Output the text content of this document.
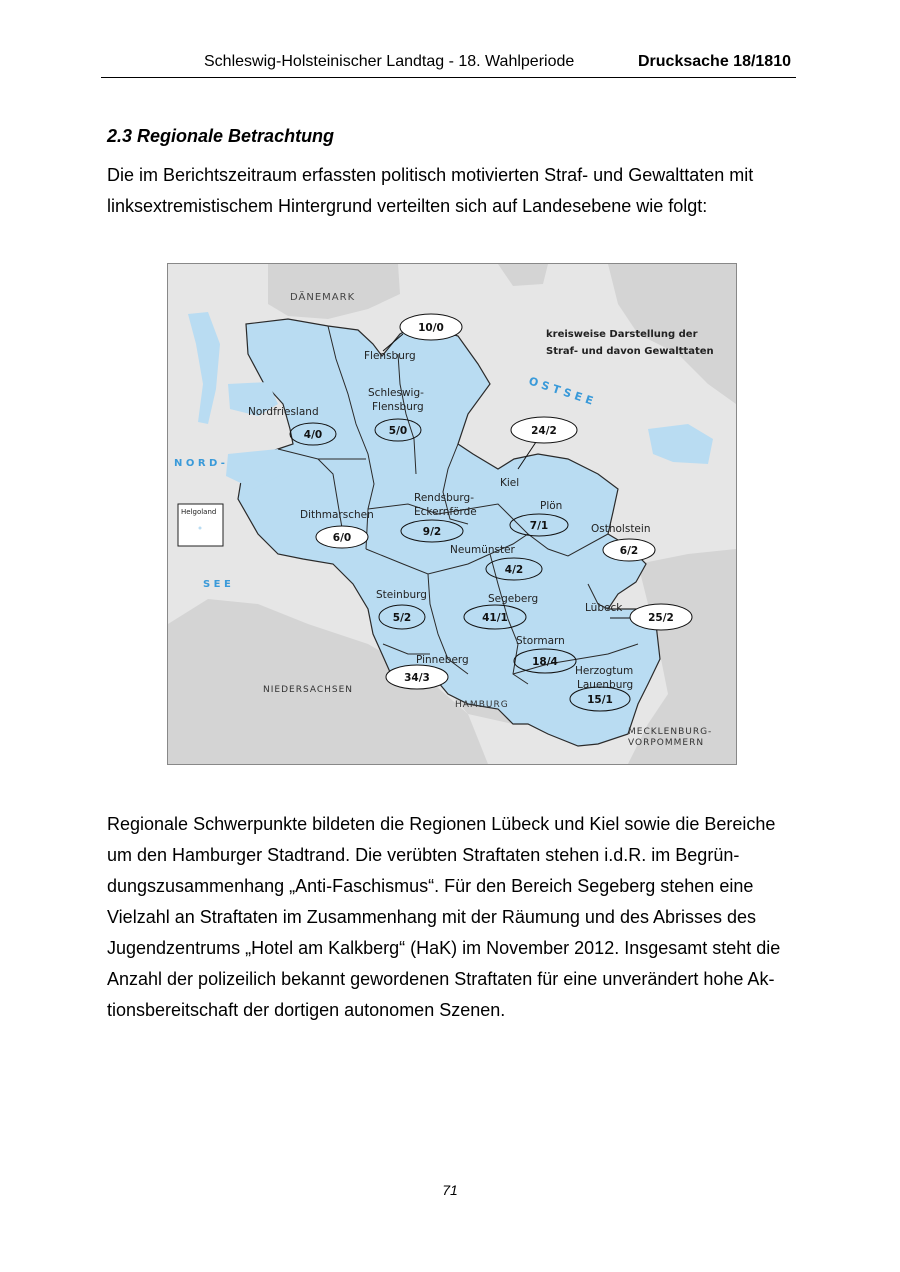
Schleswig-Holsteinischer Landtag - 18. Wahlperiode	Drucksache 18/1810
2.3 Regionale Betrachtung
Die im Berichtszeitraum erfassten politisch motivierten Straf- und Gewalttaten mit
linksextremistischem Hintergrund verteilten sich auf Landesebene wie folgt:
DÄNEMARK
O S T S E E
N O R D -
S E E
NIEDERSACHSEN
HAMBURG
MECKLENBURG-
VORPOMMERN
Helgoland
kreisweise Darstellung der
Straf- und davon Gewalttaten
Flensburg
Schleswig-
Flensburg
Nordfriesland
Kiel
Rendsburg-
Eckernförde	Plön
Dithmarschen
Ostholstein
Neumünster
Steinburg	Segeberg
Lübeck
Stormarn
Pinneberg
Herzogtum
Lauenburg
10/0
5/0
4/0	24/2
9/2	7/1
6/0
6/2
4/2
5/2	41/1	25/2
18/4
34/3
15/1
Regionale Schwerpunkte bildeten die Regionen Lübeck und Kiel sowie die Bereiche
um den Hamburger Stadtrand. Die verübten Straftaten stehen i.d.R. im Begrün-
dungszusammenhang „Anti-Faschismus“. Für den Bereich Segeberg stehen eine
Vielzahl an Straftaten im Zusammenhang mit der Räumung und des Abrisses des
Jugendzentrums „Hotel am Kalkberg“ (HaK) im November 2012. Insgesamt steht die
Anzahl der polizeilich bekannt gewordenen Straftaten für eine unverändert hohe Ak-
tionsbereitschaft der dortigen autonomen Szenen.
71
